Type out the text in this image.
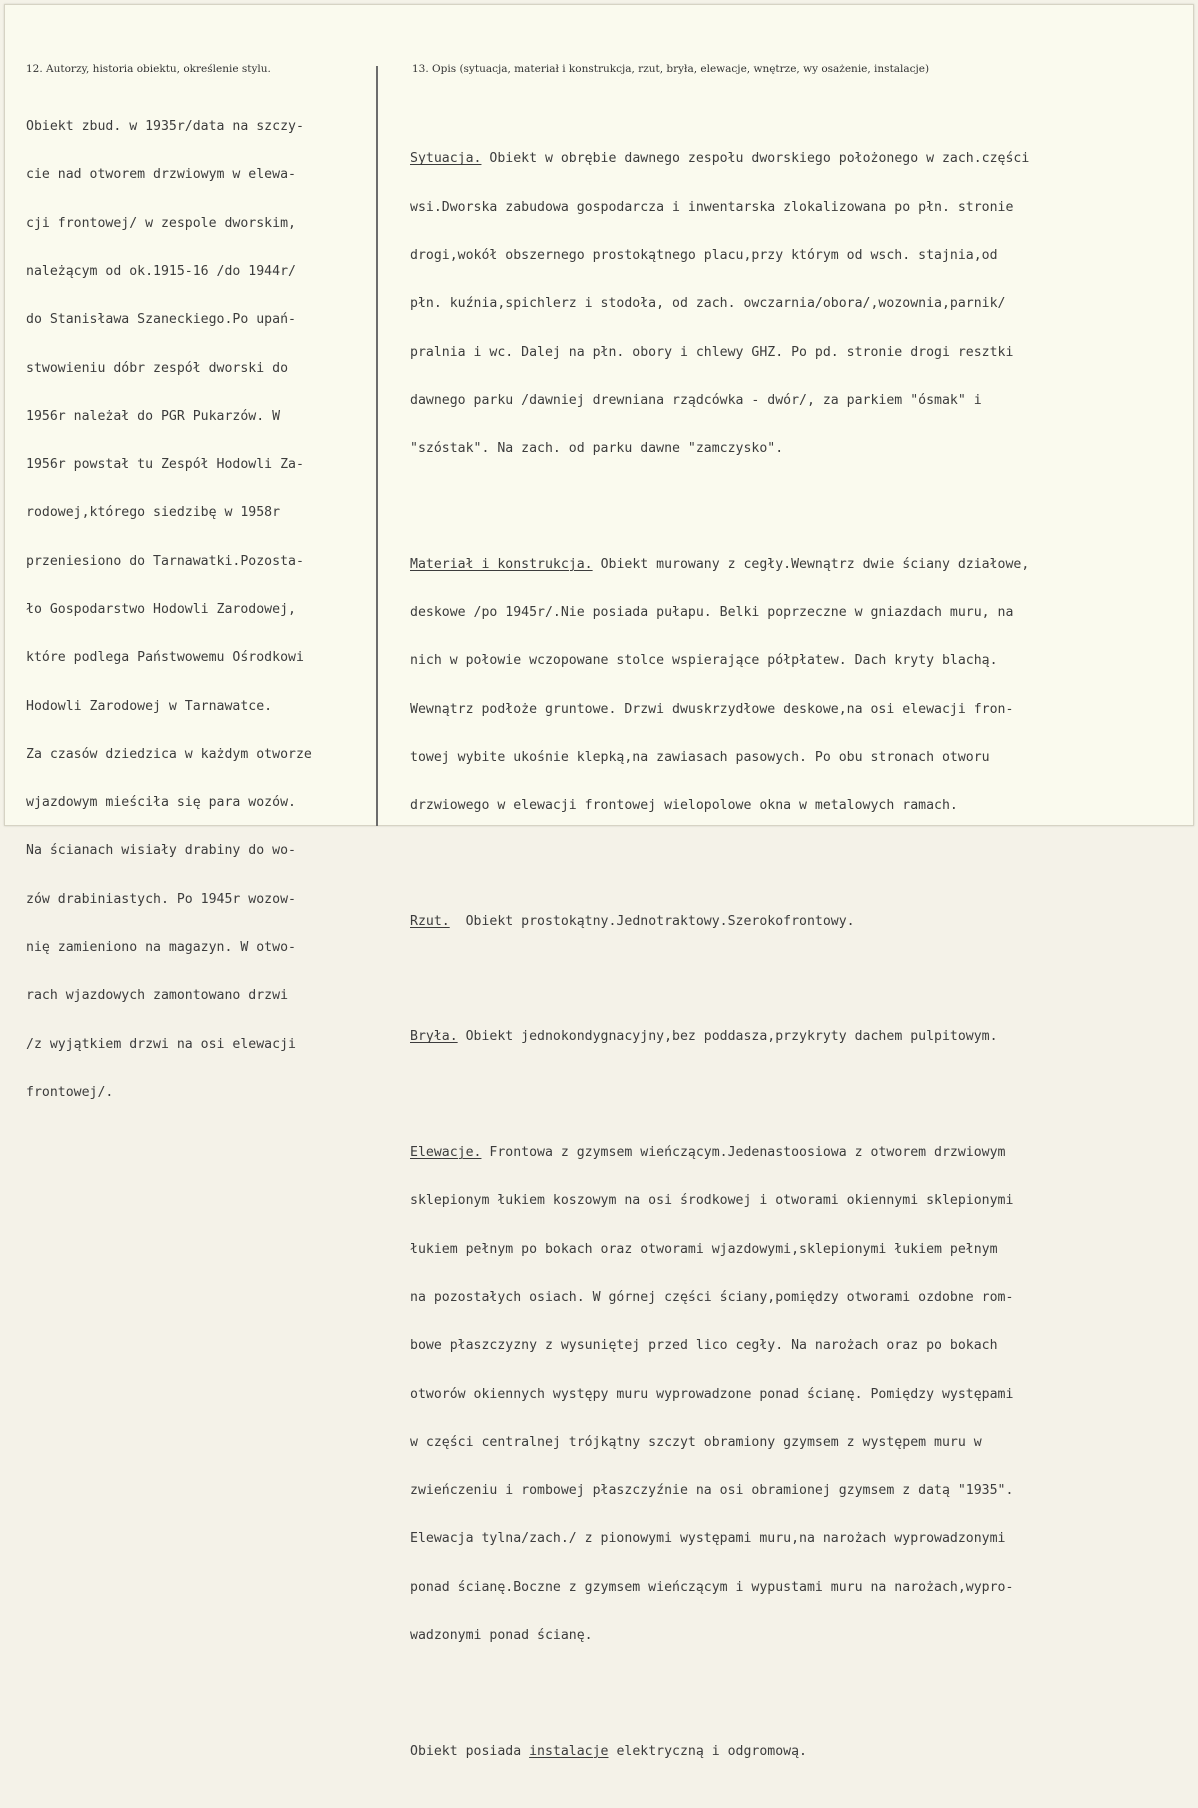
12. Autorzy, historia obiektu, określenie stylu.	13. Opis (sytuacja, materiał i konstrukcja, rzut, bryła, elewacje, wnętrze, wy osażenie, instalacje)

Obiekt zbud. w 1935r/data na szczy-

cie nad otworem drzwiowym w elewa-

cji frontowej/ w zespole dworskim,

należącym od ok.1915-16 /do 1944r/

do Stanisława Szaneckiego.Po upań-

stwowieniu dóbr zespół dworski do

1956r należał do PGR Pukarzów. W

1956r powstał tu Zespół Hodowli Za-

rodowej,którego siedzibę w 1958r

przeniesiono do Tarnawatki.Pozosta-

ło Gospodarstwo Hodowli Zarodowej,

które podlega Państwowemu Ośrodkowi

Hodowli Zarodowej w Tarnawatce.

Za czasów dziedzica w każdym otworze

wjazdowym mieściła się para wozów.

Na ścianach wisiały drabiny do wo-

zów drabiniastych. Po 1945r wozow-

nię zamieniono na magazyn. W otwo-

rach wjazdowych zamontowano drzwi

/z wyjątkiem drzwi na osi elewacji

frontowej/.

Sytuacja. Obiekt w obrębie dawnego zespołu dworskiego położonego w zach.części

wsi.Dworska zabudowa gospodarcza i inwentarska zlokalizowana po płn. stronie

drogi,wokół obszernego prostokątnego placu,przy którym od wsch. stajnia,od

płn. kuźnia,spichlerz i stodoła, od zach. owczarnia/obora/,wozownia,parnik/

pralnia i wc. Dalej na płn. obory i chlewy GHZ. Po pd. stronie drogi resztki

dawnego parku /dawniej drewniana rządcówka - dwór/, za parkiem "ósmak" i

"szóstak". Na zach. od parku dawne "zamczysko".

Materiał i konstrukcja. Obiekt murowany z cegły.Wewnątrz dwie ściany działowe,

deskowe /po 1945r/.Nie posiada pułapu. Belki poprzeczne w gniazdach muru, na

nich w połowie wczopowane stolce wspierające półpłatew. Dach kryty blachą.

Wewnątrz podłoże gruntowe. Drzwi dwuskrzydłowe deskowe,na osi elewacji fron-

towej wybite ukośnie klepką,na zawiasach pasowych. Po obu stronach otworu

drzwiowego w elewacji frontowej wielopolowe okna w metalowych ramach.

Rzut.  Obiekt prostokątny.Jednotraktowy.Szerokofrontowy.

Bryła. Obiekt jednokondygnacyjny,bez poddasza,przykryty dachem pulpitowym.

Elewacje. Frontowa z gzymsem wieńczącym.Jedenastoosiowa z otworem drzwiowym

sklepionym łukiem koszowym na osi środkowej i otworami okiennymi sklepionymi

łukiem pełnym po bokach oraz otworami wjazdowymi,sklepionymi łukiem pełnym

na pozostałych osiach. W górnej części ściany,pomiędzy otworami ozdobne rom-

bowe płaszczyzny z wysuniętej przed lico cegły. Na narożach oraz po bokach

otworów okiennych występy muru wyprowadzone ponad ścianę. Pomiędzy występami

w części centralnej trójkątny szczyt obramiony gzymsem z występem muru w

zwieńczeniu i rombowej płaszczyźnie na osi obramionej gzymsem z datą "1935".

Elewacja tylna/zach./ z pionowymi występami muru,na narożach wyprowadzonymi

ponad ścianę.Boczne z gzymsem wieńczącym i wypustami muru na narożach,wypro-

wadzonymi ponad ścianę.

Obiekt posiada instalacje elektryczną i odgromową.
